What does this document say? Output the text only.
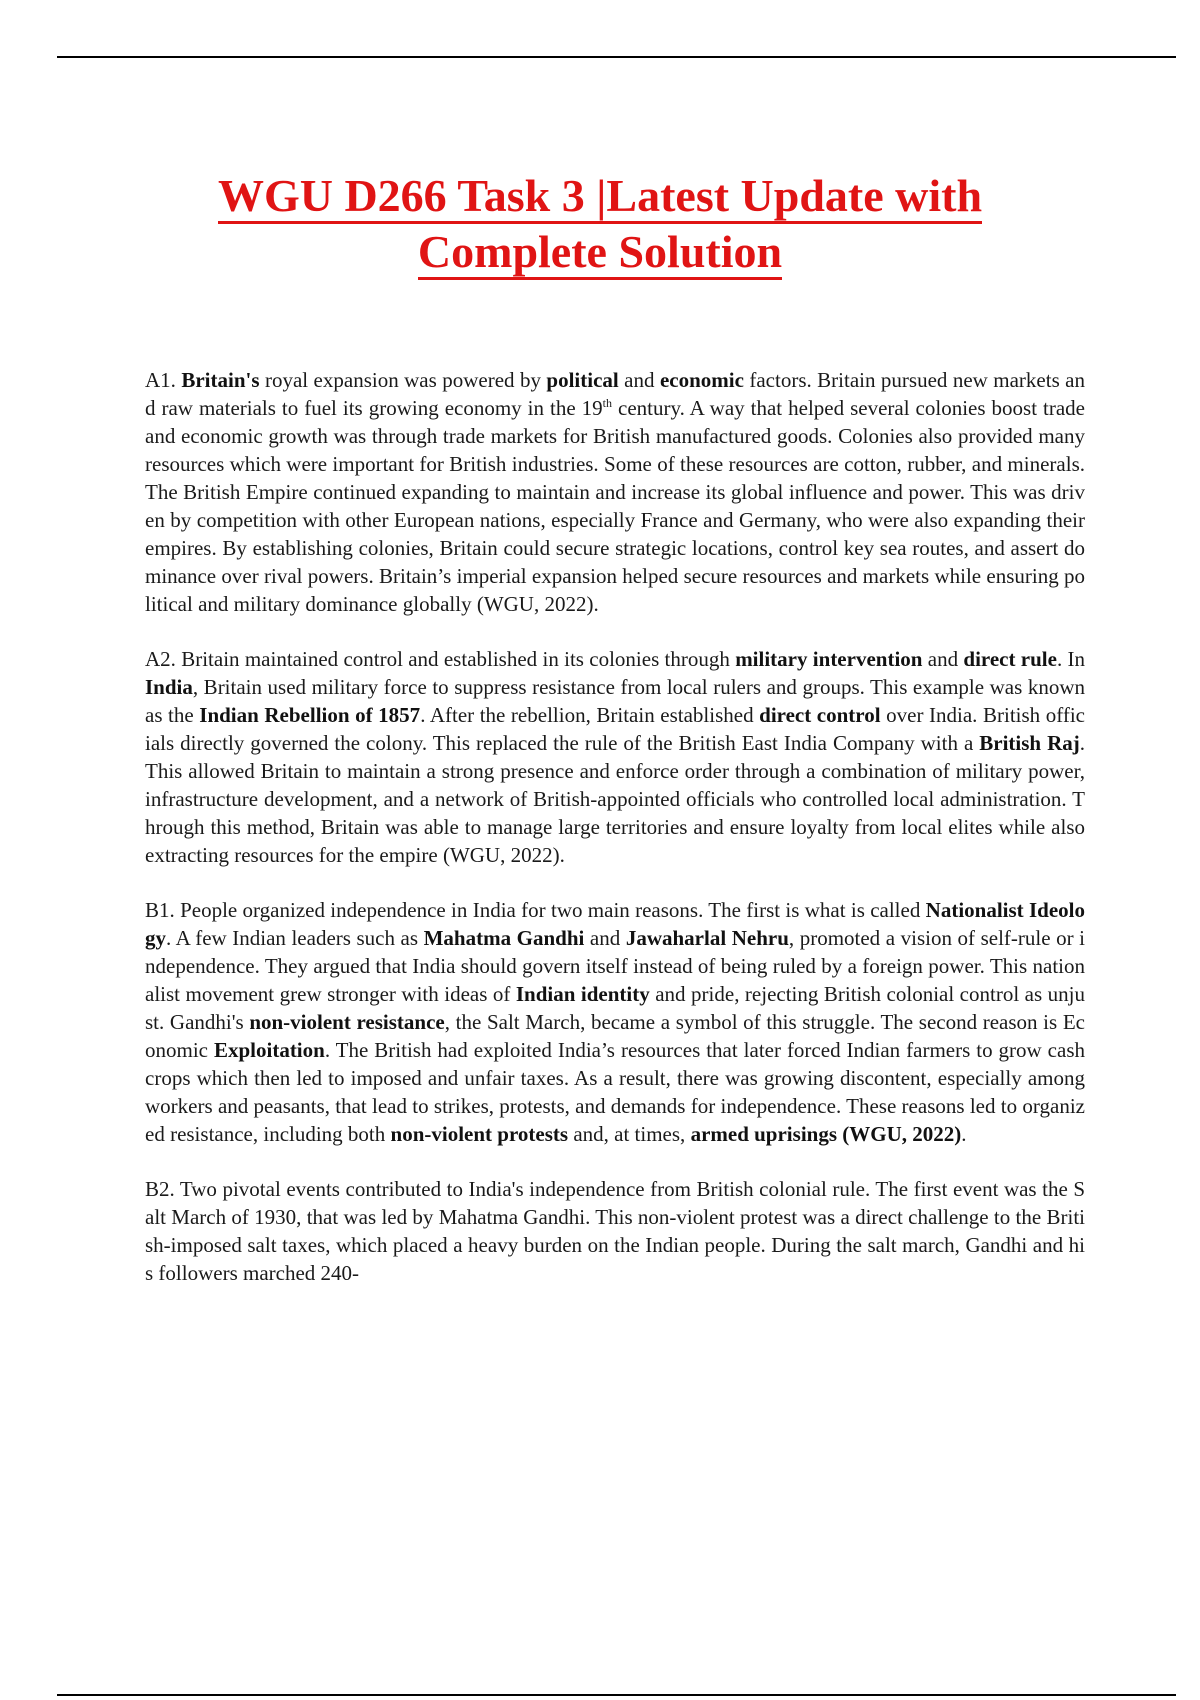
WGU D266 Task 3 |Latest Update with
Complete Solution

A1. Britain's royal expansion was powered by political and economic factors. Britain pursued new markets and raw materials to fuel its growing economy in the 19th century. A way that helped several colonies boost trade and economic growth was through trade markets for British manufactured goods. Colonies also provided many resources which were important for British industries. Some of these resources are cotton, rubber, and minerals. The British Empire continued expanding to maintain and increase its global influence and power. This was driven by competition with other European nations, especially France and Germany, who were also expanding their empires. By establishing colonies, Britain could secure strategic locations, control key sea routes, and assert dominance over rival powers. Britain’s imperial expansion helped secure resources and markets while ensuring political and military dominance globally (WGU, 2022).

A2. Britain maintained control and established in its colonies through military intervention and direct rule. In India, Britain used military force to suppress resistance from local rulers and groups. This example was known as the Indian Rebellion of 1857. After the rebellion, Britain established direct control over India. British officials directly governed the colony. This replaced the rule of the British East India Company with a British Raj. This allowed Britain to maintain a strong presence and enforce order through a combination of military power, infrastructure development, and a network of British-appointed officials who controlled local administration. Through this method, Britain was able to manage large territories and ensure loyalty from local elites while also extracting resources for the empire (WGU, 2022).

B1. People organized independence in India for two main reasons. The first is what is called Nationalist Ideology. A few Indian leaders such as Mahatma Gandhi and Jawaharlal Nehru, promoted a vision of self-rule or independence. They argued that India should govern itself instead of being ruled by a foreign power. This nationalist movement grew stronger with ideas of Indian identity and pride, rejecting British colonial control as unjust. Gandhi's non-violent resistance, the Salt March, became a symbol of this struggle. The second reason is Economic Exploitation. The British had exploited India’s resources that later forced Indian farmers to grow cash crops which then led to imposed and unfair taxes. As a result, there was growing discontent, especially among workers and peasants, that lead to strikes, protests, and demands for independence. These reasons led to organized resistance, including both non-violent protests and, at times, armed uprisings (WGU, 2022).

B2. Two pivotal events contributed to India's independence from British colonial rule. The first event was the Salt March of 1930, that was led by Mahatma Gandhi. This non-violent protest was a direct challenge to the British-imposed salt taxes, which placed a heavy burden on the Indian people. During the salt march, Gandhi and his followers marched 240-
